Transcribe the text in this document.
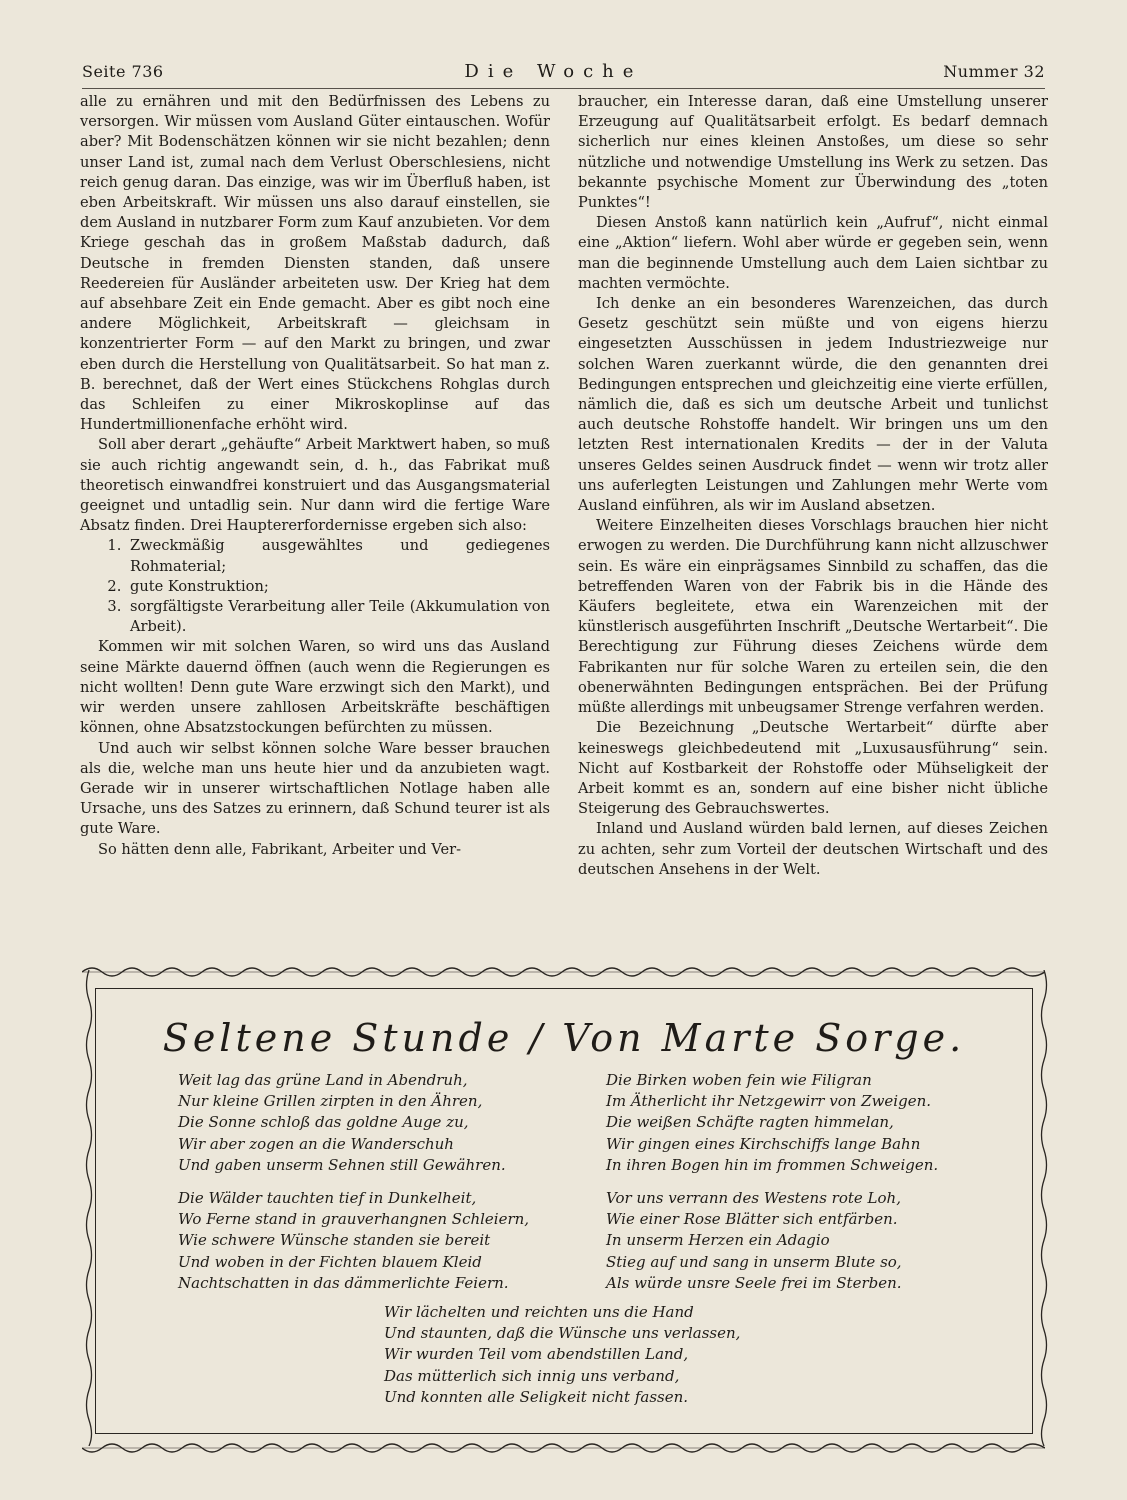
Seite 736	Die Woche	Nummer 32

alle zu ernähren und mit den Bedürfnissen des Lebens zu versorgen. Wir müssen vom Ausland Güter eintauschen. Wofür aber? Mit Bodenschätzen können wir sie nicht bezahlen; denn unser Land ist, zumal nach dem Verlust Oberschlesiens, nicht reich genug daran. Das einzige, was wir im Überfluß haben, ist eben Arbeitskraft. Wir müssen uns also darauf einstellen, sie dem Ausland in nutzbarer Form zum Kauf anzubieten. Vor dem Kriege geschah das in großem Maßstab dadurch, daß Deutsche in fremden Diensten standen, daß unsere Reedereien für Ausländer arbeiteten usw. Der Krieg hat dem auf absehbare Zeit ein Ende gemacht. Aber es gibt noch eine andere Möglichkeit, Arbeitskraft — gleichsam in konzentrierter Form — auf den Markt zu bringen, und zwar eben durch die Herstellung von Qualitätsarbeit. So hat man z. B. berechnet, daß der Wert eines Stückchens Rohglas durch das Schleifen zu einer Mikroskoplinse auf das Hundertmillionenfache erhöht wird.

Soll aber derart „gehäufte“ Arbeit Marktwert haben, so muß sie auch richtig angewandt sein, d. h., das Fabrikat muß theoretisch einwandfrei konstruiert und das Ausgangsmaterial geeignet und untadlig sein. Nur dann wird die fertige Ware Absatz finden. Drei Hauptererfordernisse ergeben sich also:

1. Zweckmäßig ausgewähltes und gediegenes Rohmaterial;
2. gute Konstruktion;
3. sorgfältigste Verarbeitung aller Teile (Akkumulation von Arbeit).

Kommen wir mit solchen Waren, so wird uns das Ausland seine Märkte dauernd öffnen (auch wenn die Regierungen es nicht wollten! Denn gute Ware erzwingt sich den Markt), und wir werden unsere zahllosen Arbeitskräfte beschäftigen können, ohne Absatzstockungen befürchten zu müssen.

Und auch wir selbst können solche Ware besser brauchen als die, welche man uns heute hier und da anzubieten wagt. Gerade wir in unserer wirtschaftlichen Notlage haben alle Ursache, uns des Satzes zu erinnern, daß Schund teurer ist als gute Ware.

So hätten denn alle, Fabrikant, Arbeiter und Ver-

braucher, ein Interesse daran, daß eine Umstellung unserer Erzeugung auf Qualitätsarbeit erfolgt. Es bedarf demnach sicherlich nur eines kleinen Anstoßes, um diese so sehr nützliche und notwendige Umstellung ins Werk zu setzen. Das bekannte psychische Moment zur Überwindung des „toten Punktes“!

Diesen Anstoß kann natürlich kein „Aufruf“, nicht einmal eine „Aktion“ liefern. Wohl aber würde er gegeben sein, wenn man die beginnende Umstellung auch dem Laien sichtbar zu machten vermöchte.

Ich denke an ein besonderes Warenzeichen, das durch Gesetz geschützt sein müßte und von eigens hierzu eingesetzten Ausschüssen in jedem Industriezweige nur solchen Waren zuerkannt würde, die den genannten drei Bedingungen entsprechen und gleichzeitig eine vierte erfüllen, nämlich die, daß es sich um deutsche Arbeit und tunlichst auch deutsche Rohstoffe handelt. Wir bringen uns um den letzten Rest internationalen Kredits — der in der Valuta unseres Geldes seinen Ausdruck findet — wenn wir trotz aller uns auferlegten Leistungen und Zahlungen mehr Werte vom Ausland einführen, als wir im Ausland absetzen.

Weitere Einzelheiten dieses Vorschlags brauchen hier nicht erwogen zu werden. Die Durchführung kann nicht allzuschwer sein. Es wäre ein einprägsames Sinnbild zu schaffen, das die betreffenden Waren von der Fabrik bis in die Hände des Käufers begleitete, etwa ein Warenzeichen mit der künstlerisch ausgeführten Inschrift „Deutsche Wertarbeit“. Die Berechtigung zur Führung dieses Zeichens würde dem Fabrikanten nur für solche Waren zu erteilen sein, die den obenerwähnten Bedingungen entsprächen. Bei der Prüfung müßte allerdings mit unbeugsamer Strenge verfahren werden.

Die Bezeichnung „Deutsche Wertarbeit“ dürfte aber keineswegs gleichbedeutend mit „Luxusausführung“ sein. Nicht auf Kostbarkeit der Rohstoffe oder Mühseligkeit der Arbeit kommt es an, sondern auf eine bisher nicht übliche Steigerung des Gebrauchswertes.

Inland und Ausland würden bald lernen, auf dieses Zeichen zu achten, sehr zum Vorteil der deutschen Wirtschaft und des deutschen Ansehens in der Welt.

Seltene Stunde / Von Marte Sorge.
Weit lag das grüne Land in Abendruh,
Nur kleine Grillen zirpten in den Ähren,
Die Sonne schloß das goldne Auge zu,
Wir aber zogen an die Wanderschuh
Und gaben unserm Sehnen still Gewähren.
Die Birken woben fein wie Filigran
Im Ätherlicht ihr Netzgewirr von Zweigen.
Die weißen Schäfte ragten himmelan,
Wir gingen eines Kirchschiffs lange Bahn
In ihren Bogen hin im frommen Schweigen.
Die Wälder tauchten tief in Dunkelheit,
Wo Ferne stand in grauverhangnen Schleiern,
Wie schwere Wünsche standen sie bereit
Und woben in der Fichten blauem Kleid
Nachtschatten in das dämmerlichte Feiern.
Vor uns verrann des Westens rote Loh,
Wie einer Rose Blätter sich entfärben.
In unserm Herzen ein Adagio
Stieg auf und sang in unserm Blute so,
Als würde unsre Seele frei im Sterben.
Wir lächelten und reichten uns die Hand
Und staunten, daß die Wünsche uns verlassen,
Wir wurden Teil vom abendstillen Land,
Das mütterlich sich innig uns verband,
Und konnten alle Seligkeit nicht fassen.
